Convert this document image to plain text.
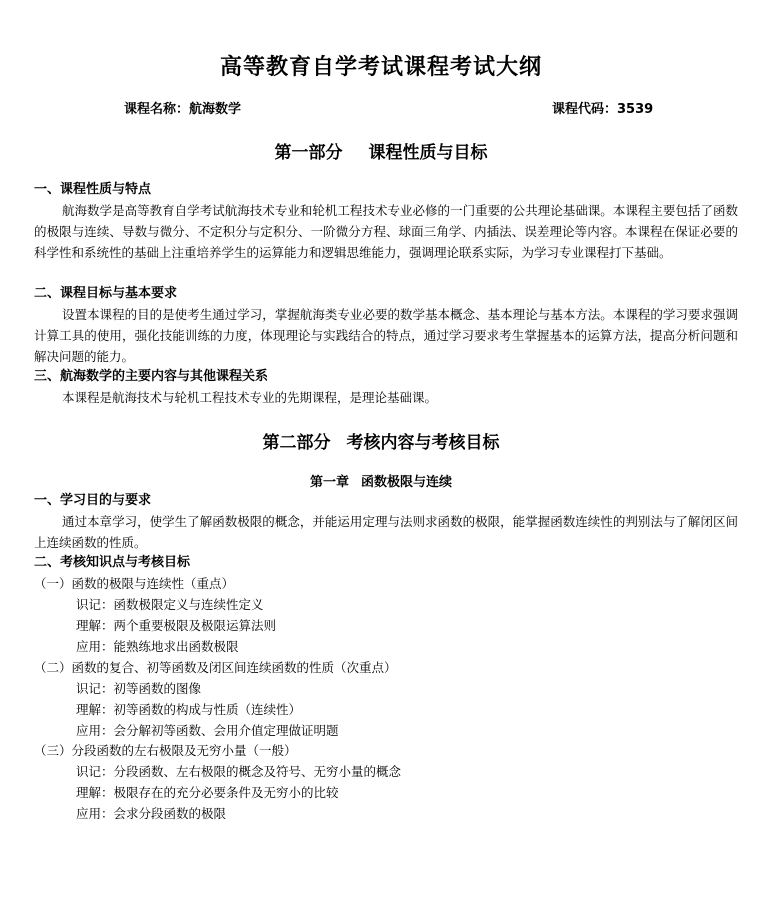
高等教育自学考试课程考试大纲
课程名称：航海数学	课程代码：3539
第一部分 课程性质与目标
一、课程性质与特点
航海数学是高等教育自学考试航海技术专业和轮机工程技术专业必修的一门重要的公共理论基础课。本课程主要包括了函数的极限与连续、导数与微分、不定积分与定积分、一阶微分方程、球面三角学、内插法、误差理论等内容。本课程在保证必要的科学性和系统性的基础上注重培养学生的运算能力和逻辑思维能力，强调理论联系实际，为学习专业课程打下基础。
二、课程目标与基本要求
设置本课程的目的是使考生通过学习，掌握航海类专业必要的数学基本概念、基本理论与基本方法。本课程的学习要求强调计算工具的使用，强化技能训练的力度，体现理论与实践结合的特点，通过学习要求考生掌握基本的运算方法，提高分析问题和解决问题的能力。
三、航海数学的主要内容与其他课程关系
本课程是航海技术与轮机工程技术专业的先期课程，是理论基础课。
第二部分 考核内容与考核目标
第一章 函数极限与连续
一、学习目的与要求
通过本章学习，使学生了解函数极限的概念，并能运用定理与法则求函数的极限，能掌握函数连续性的判别法与了解闭区间上连续函数的性质。
二、考核知识点与考核目标
（一）函数的极限与连续性（重点）
识记：函数极限定义与连续性定义
理解：两个重要极限及极限运算法则
应用：能熟练地求出函数极限
（二）函数的复合、初等函数及闭区间连续函数的性质（次重点）
识记：初等函数的图像
理解：初等函数的构成与性质（连续性）
应用：会分解初等函数、会用介值定理做证明题
（三）分段函数的左右极限及无穷小量（一般）
识记：分段函数、左右极限的概念及符号、无穷小量的概念
理解：极限存在的充分必要条件及无穷小的比较
应用：会求分段函数的极限
